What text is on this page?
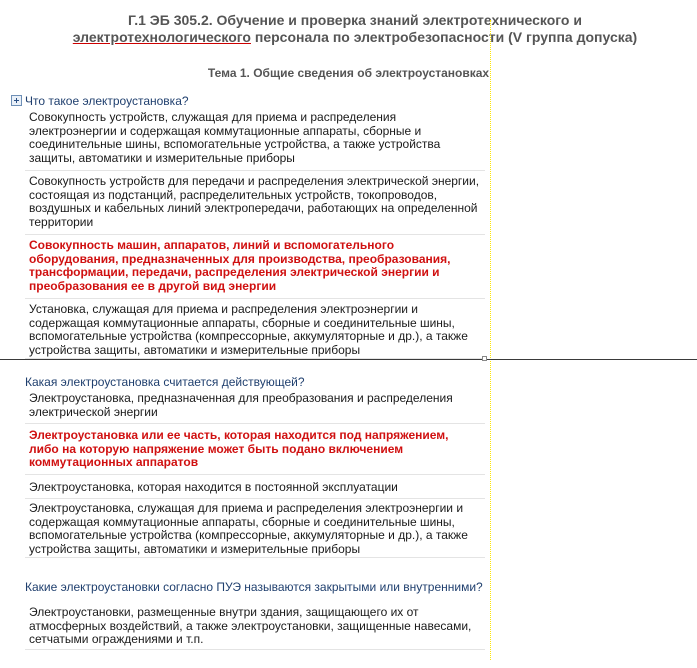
Г.1 ЭБ 305.2. Обучение и проверка знаний электротехнического и
электротехнологического персонала по электробезопасности (V группа допуска)
Тема 1. Общие сведения об электроустановках
Что такое электроустановка?
Совокупность устройств, служащая для приема и распределения электроэнергии и содержащая коммутационные аппараты, сборные и соединительные шины, вспомогательные устройства, а также устройства защиты, автоматики и измерительные приборы
Совокупность устройств для передачи и распределения электрической энергии, состоящая из подстанций, распределительных устройств, токопроводов, воздушных и кабельных линий электропередачи, работающих на определенной территории
Совокупность машин, аппаратов, линий и вспомогательного оборудования, предназначенных для производства, преобразования, трансформации, передачи, распределения электрической энергии и преобразования ее в другой вид энергии
Установка, служащая для приема и распределения электроэнергии и содержащая коммутационные аппараты, сборные и соединительные шины, вспомогательные устройства (компрессорные, аккумуляторные и др.), а также устройства защиты, автоматики и измерительные приборы
Какая электроустановка считается действующей?
Электроустановка, предназначенная для преобразования и распределения электрической энергии
Электроустановка или ее часть, которая находится под напряжением, либо на которую напряжение может быть подано включением коммутационных аппаратов
Электроустановка, которая находится в постоянной эксплуатации
Электроустановка, служащая для приема и распределения электроэнергии и содержащая коммутационные аппараты, сборные и соединительные шины, вспомогательные устройства (компрессорные, аккумуляторные и др.), а также устройства защиты, автоматики и измерительные приборы
Какие электроустановки согласно ПУЭ называются закрытыми или внутренними?
Электроустановки, размещенные внутри здания, защищающего их от атмосферных воздействий, а также электроустановки, защищенные навесами, сетчатыми ограждениями и т.п.
